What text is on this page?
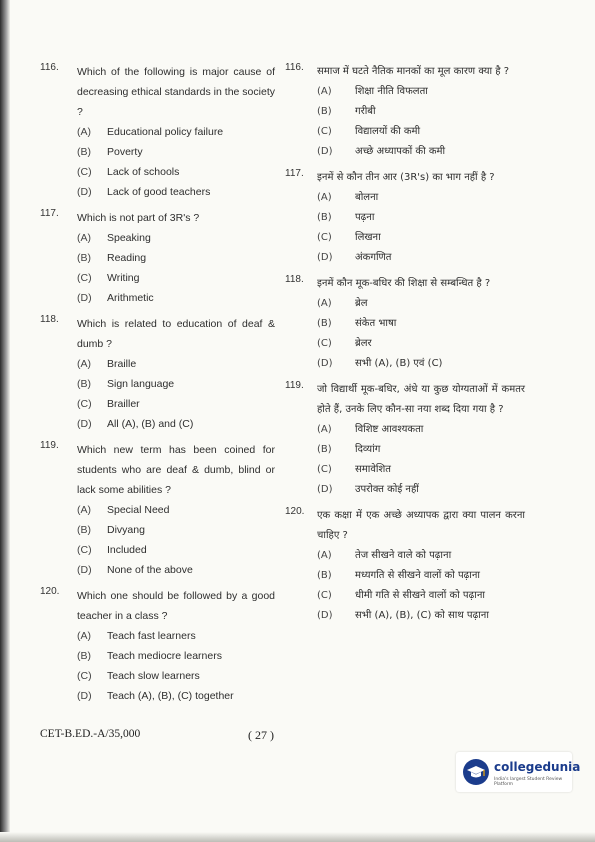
116.	Which of the following is major cause of decreasing ethical standards in the society ?
(A)	Educational policy failure
(B)	Poverty
(C)	Lack of schools
(D)	Lack of good teachers
117.	Which is not part of 3R's ?
(A)	Speaking
(B)	Reading
(C)	Writing
(D)	Arithmetic
118.	Which is related to education of deaf & dumb ?
(A)	Braille
(B)	Sign language
(C)	Brailler
(D)	All (A), (B) and (C)
119.	Which new term has been coined for students who are deaf & dumb, blind or lack some abilities ?
(A)	Special Need
(B)	Divyang
(C)	Included
(D)	None of the above
120.	Which one should be followed by a good teacher in a class ?
(A)	Teach fast learners
(B)	Teach mediocre learners
(C)	Teach slow learners
(D)	Teach (A), (B), (C) together
116.	समाज में घटते नैतिक मानकों का मूल कारण क्या है ?
(A)	शिक्षा नीति विफलता
(B)	गरीबी
(C)	विद्यालयों की कमी
(D)	अच्छे अध्यापकों की कमी
117.	इनमें से कौन तीन आर (3R's) का भाग नहीं है ?
(A)	बोलना
(B)	पढ़ना
(C)	लिखना
(D)	अंकगणित
118.	इनमें कौन मूक-बधिर की शिक्षा से सम्बन्धित है ?
(A)	ब्रेल
(B)	संकेत भाषा
(C)	ब्रेलर
(D)	सभी (A), (B) एवं (C)
119.	जो विद्यार्थी मूक-बधिर, अंधे या कुछ योग्यताओं में कमतर होते हैं, उनके लिए कौन-सा नया शब्द दिया गया है ?
(A)	विशिष्ट आवश्यकता
(B)	दिव्यांग
(C)	समावेशित
(D)	उपरोक्त कोई नहीं
120.	एक कक्षा में एक अच्छे अध्यापक द्वारा क्या पालन करना चाहिए ?
(A)	तेज सीखने वाले को पढ़ाना
(B)	मध्यगति से सीखने वालों को पढ़ाना
(C)	धीमी गति से सीखने वालों को पढ़ाना
(D)	सभी (A), (B), (C) को साथ पढ़ाना
CET-B.ED.-A/35,000	( 27 )
collegedunia
India's largest Student Review Platform
